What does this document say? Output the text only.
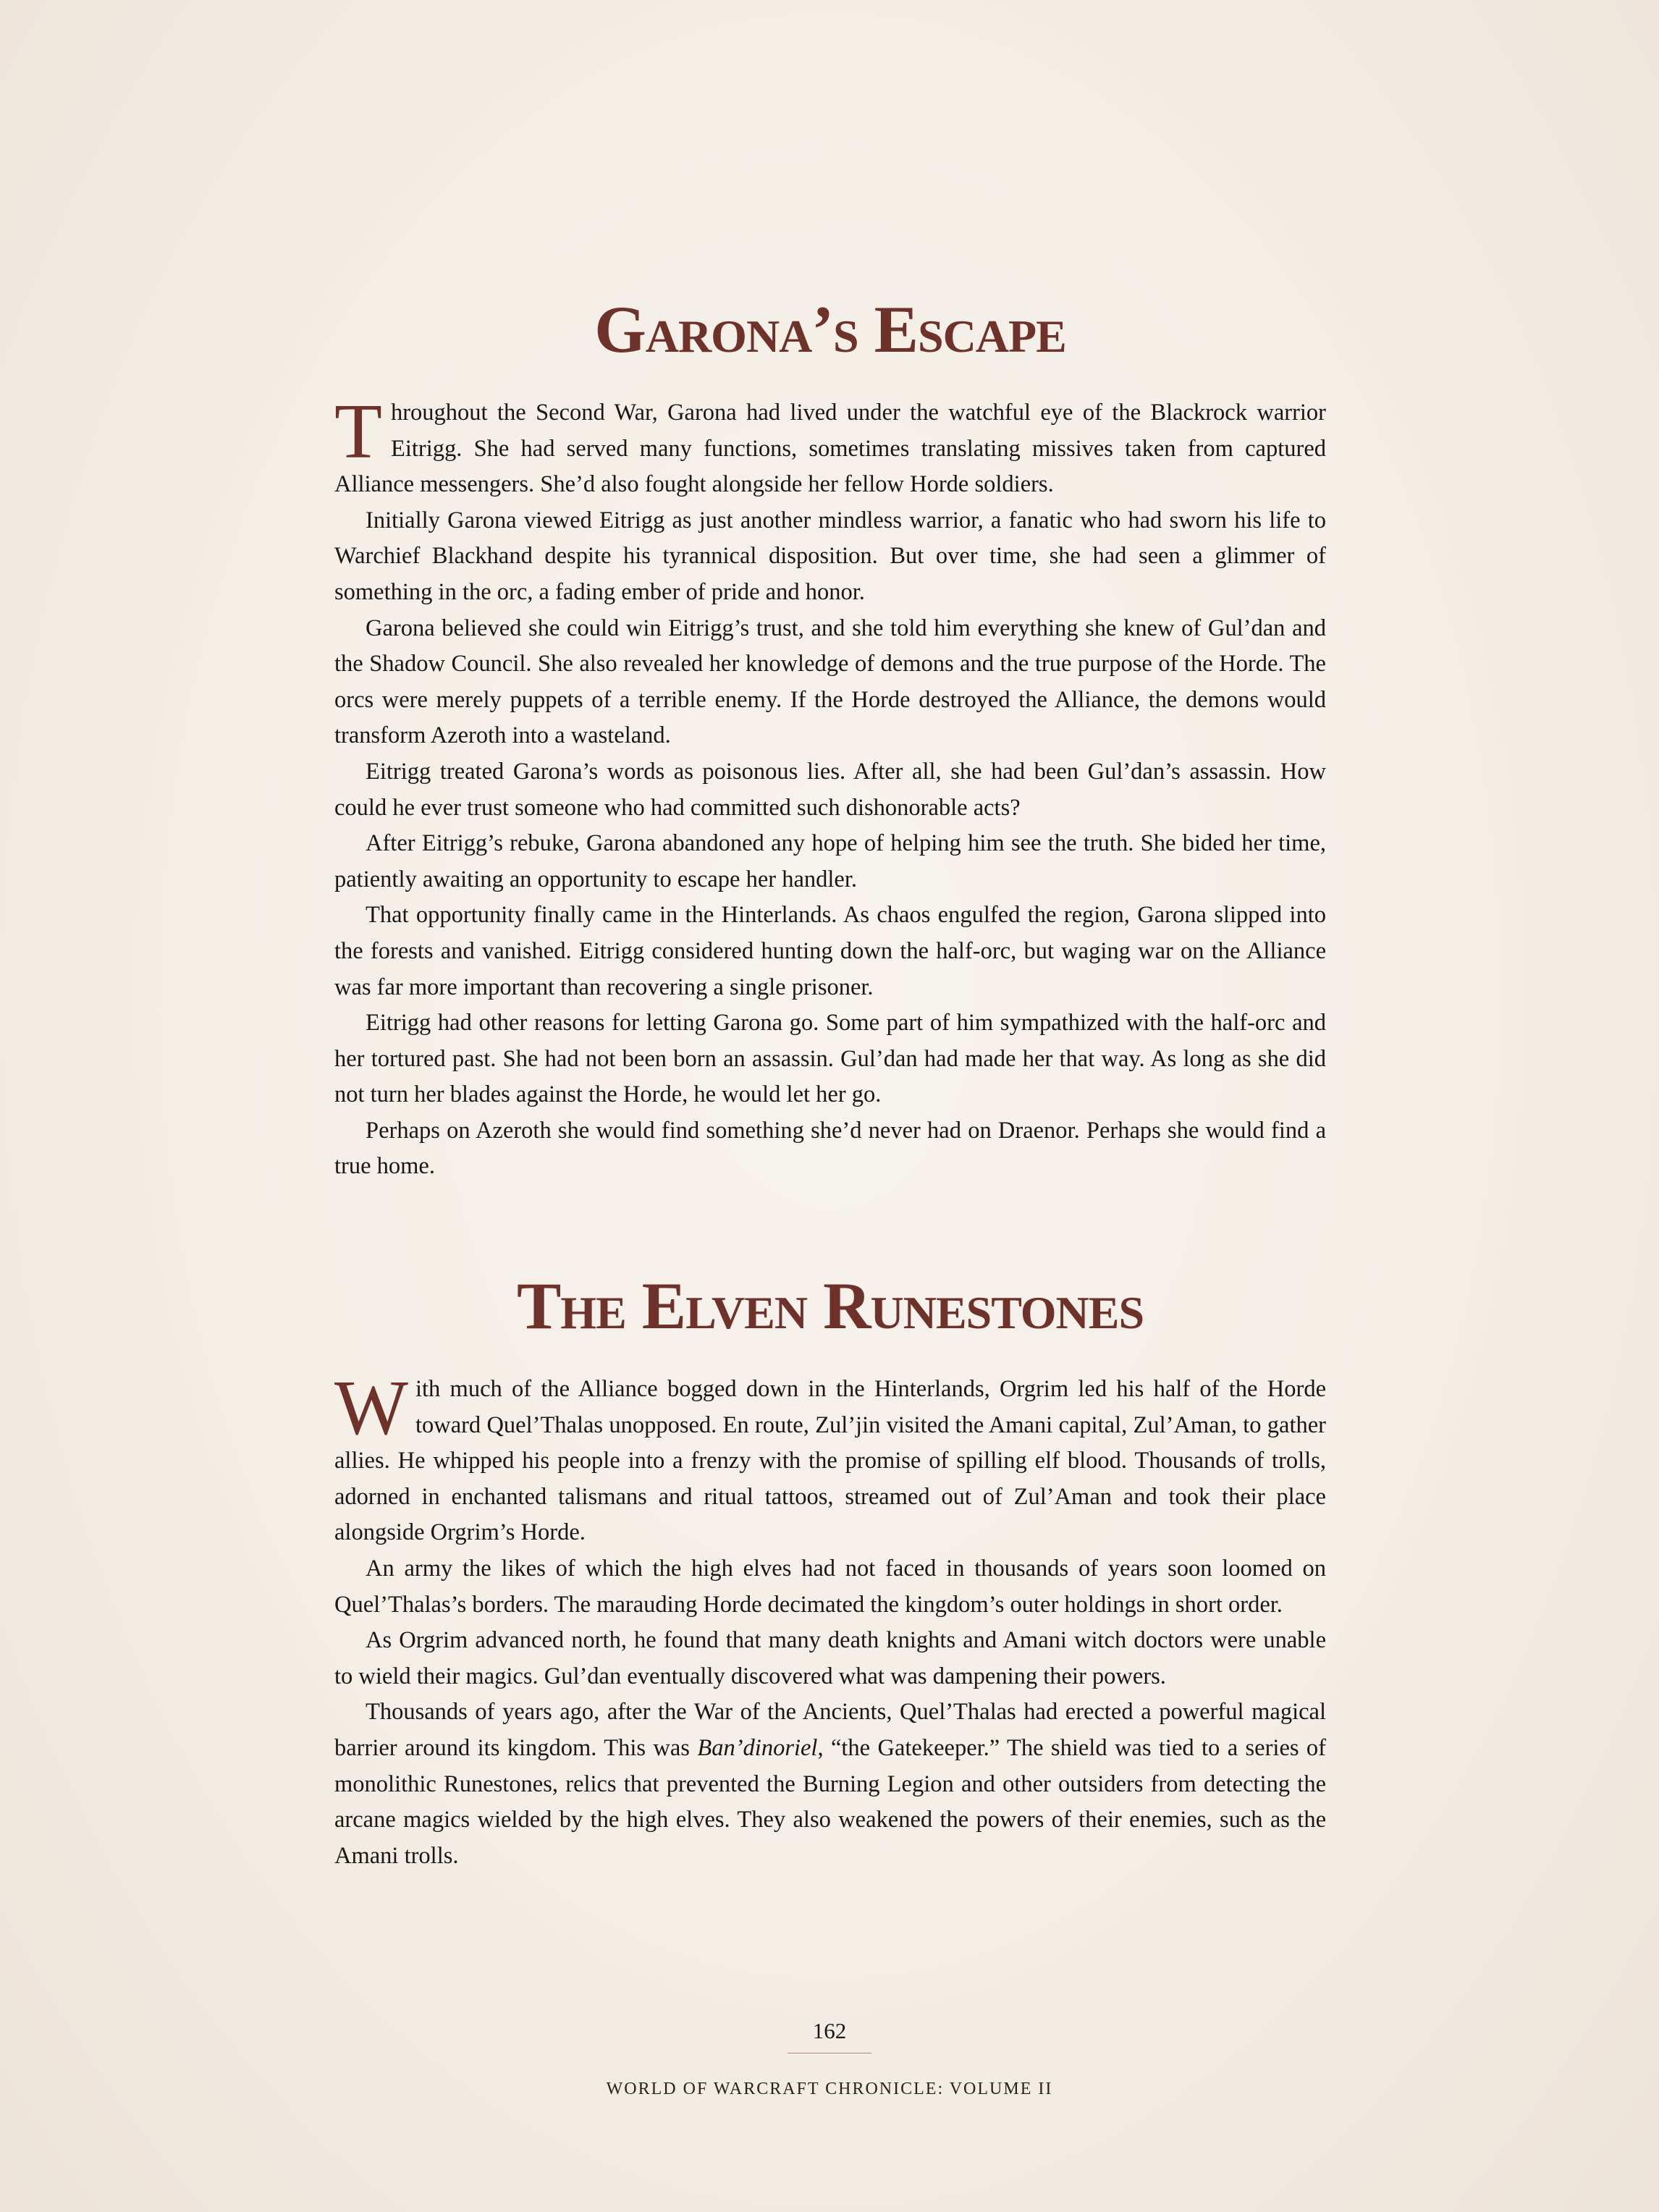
Garona’s Escape

Throughout the Second War, Garona had lived under the watchful eye of the Blackrock warrior Eitrigg. She had served many functions, sometimes translating missives taken from captured Alliance messengers. She’d also fought alongside her fellow Horde soldiers.

Initially Garona viewed Eitrigg as just another mindless warrior, a fanatic who had sworn his life to Warchief Blackhand despite his tyrannical disposition. But over time, she had seen a glimmer of something in the orc, a fading ember of pride and honor.

Garona believed she could win Eitrigg’s trust, and she told him everything she knew of Gul’dan and the Shadow Council. She also revealed her knowledge of demons and the true purpose of the Horde. The orcs were merely puppets of a terrible enemy. If the Horde destroyed the Alliance, the demons would transform Azeroth into a wasteland.

Eitrigg treated Garona’s words as poisonous lies. After all, she had been Gul’dan’s assassin. How could he ever trust someone who had committed such dishonorable acts?

After Eitrigg’s rebuke, Garona abandoned any hope of helping him see the truth. She bided her time, patiently awaiting an opportunity to escape her handler.

That opportunity finally came in the Hinterlands. As chaos engulfed the region, Garona slipped into the forests and vanished. Eitrigg considered hunting down the half-orc, but waging war on the Alliance was far more important than recovering a single prisoner.

Eitrigg had other reasons for letting Garona go. Some part of him sympathized with the half-orc and her tortured past. She had not been born an assassin. Gul’dan had made her that way. As long as she did not turn her blades against the Horde, he would let her go.

Perhaps on Azeroth she would find something she’d never had on Draenor. Perhaps she would find a true home.

The Elven Runestones

With much of the Alliance bogged down in the Hinterlands, Orgrim led his half of the Horde toward Quel’Thalas unopposed. En route, Zul’jin visited the Amani capital, Zul’Aman, to gather allies. He whipped his people into a frenzy with the promise of spilling elf blood. Thousands of trolls, adorned in enchanted talismans and ritual tattoos, streamed out of Zul’Aman and took their place alongside Orgrim’s Horde.

An army the likes of which the high elves had not faced in thousands of years soon loomed on Quel’Thalas’s borders. The marauding Horde decimated the kingdom’s outer holdings in short order.

As Orgrim advanced north, he found that many death knights and Amani witch doctors were unable to wield their magics. Gul’dan eventually discovered what was dampening their powers.

Thousands of years ago, after the War of the Ancients, Quel’Thalas had erected a powerful magical barrier around its kingdom. This was Ban’dinoriel, “the Gatekeeper.” The shield was tied to a series of monolithic Runestones, relics that prevented the Burning Legion and other outsiders from detecting the arcane magics wielded by the high elves. They also weakened the powers of their enemies, such as the Amani trolls.

162
WORLD OF WARCRAFT CHRONICLE: VOLUME II
